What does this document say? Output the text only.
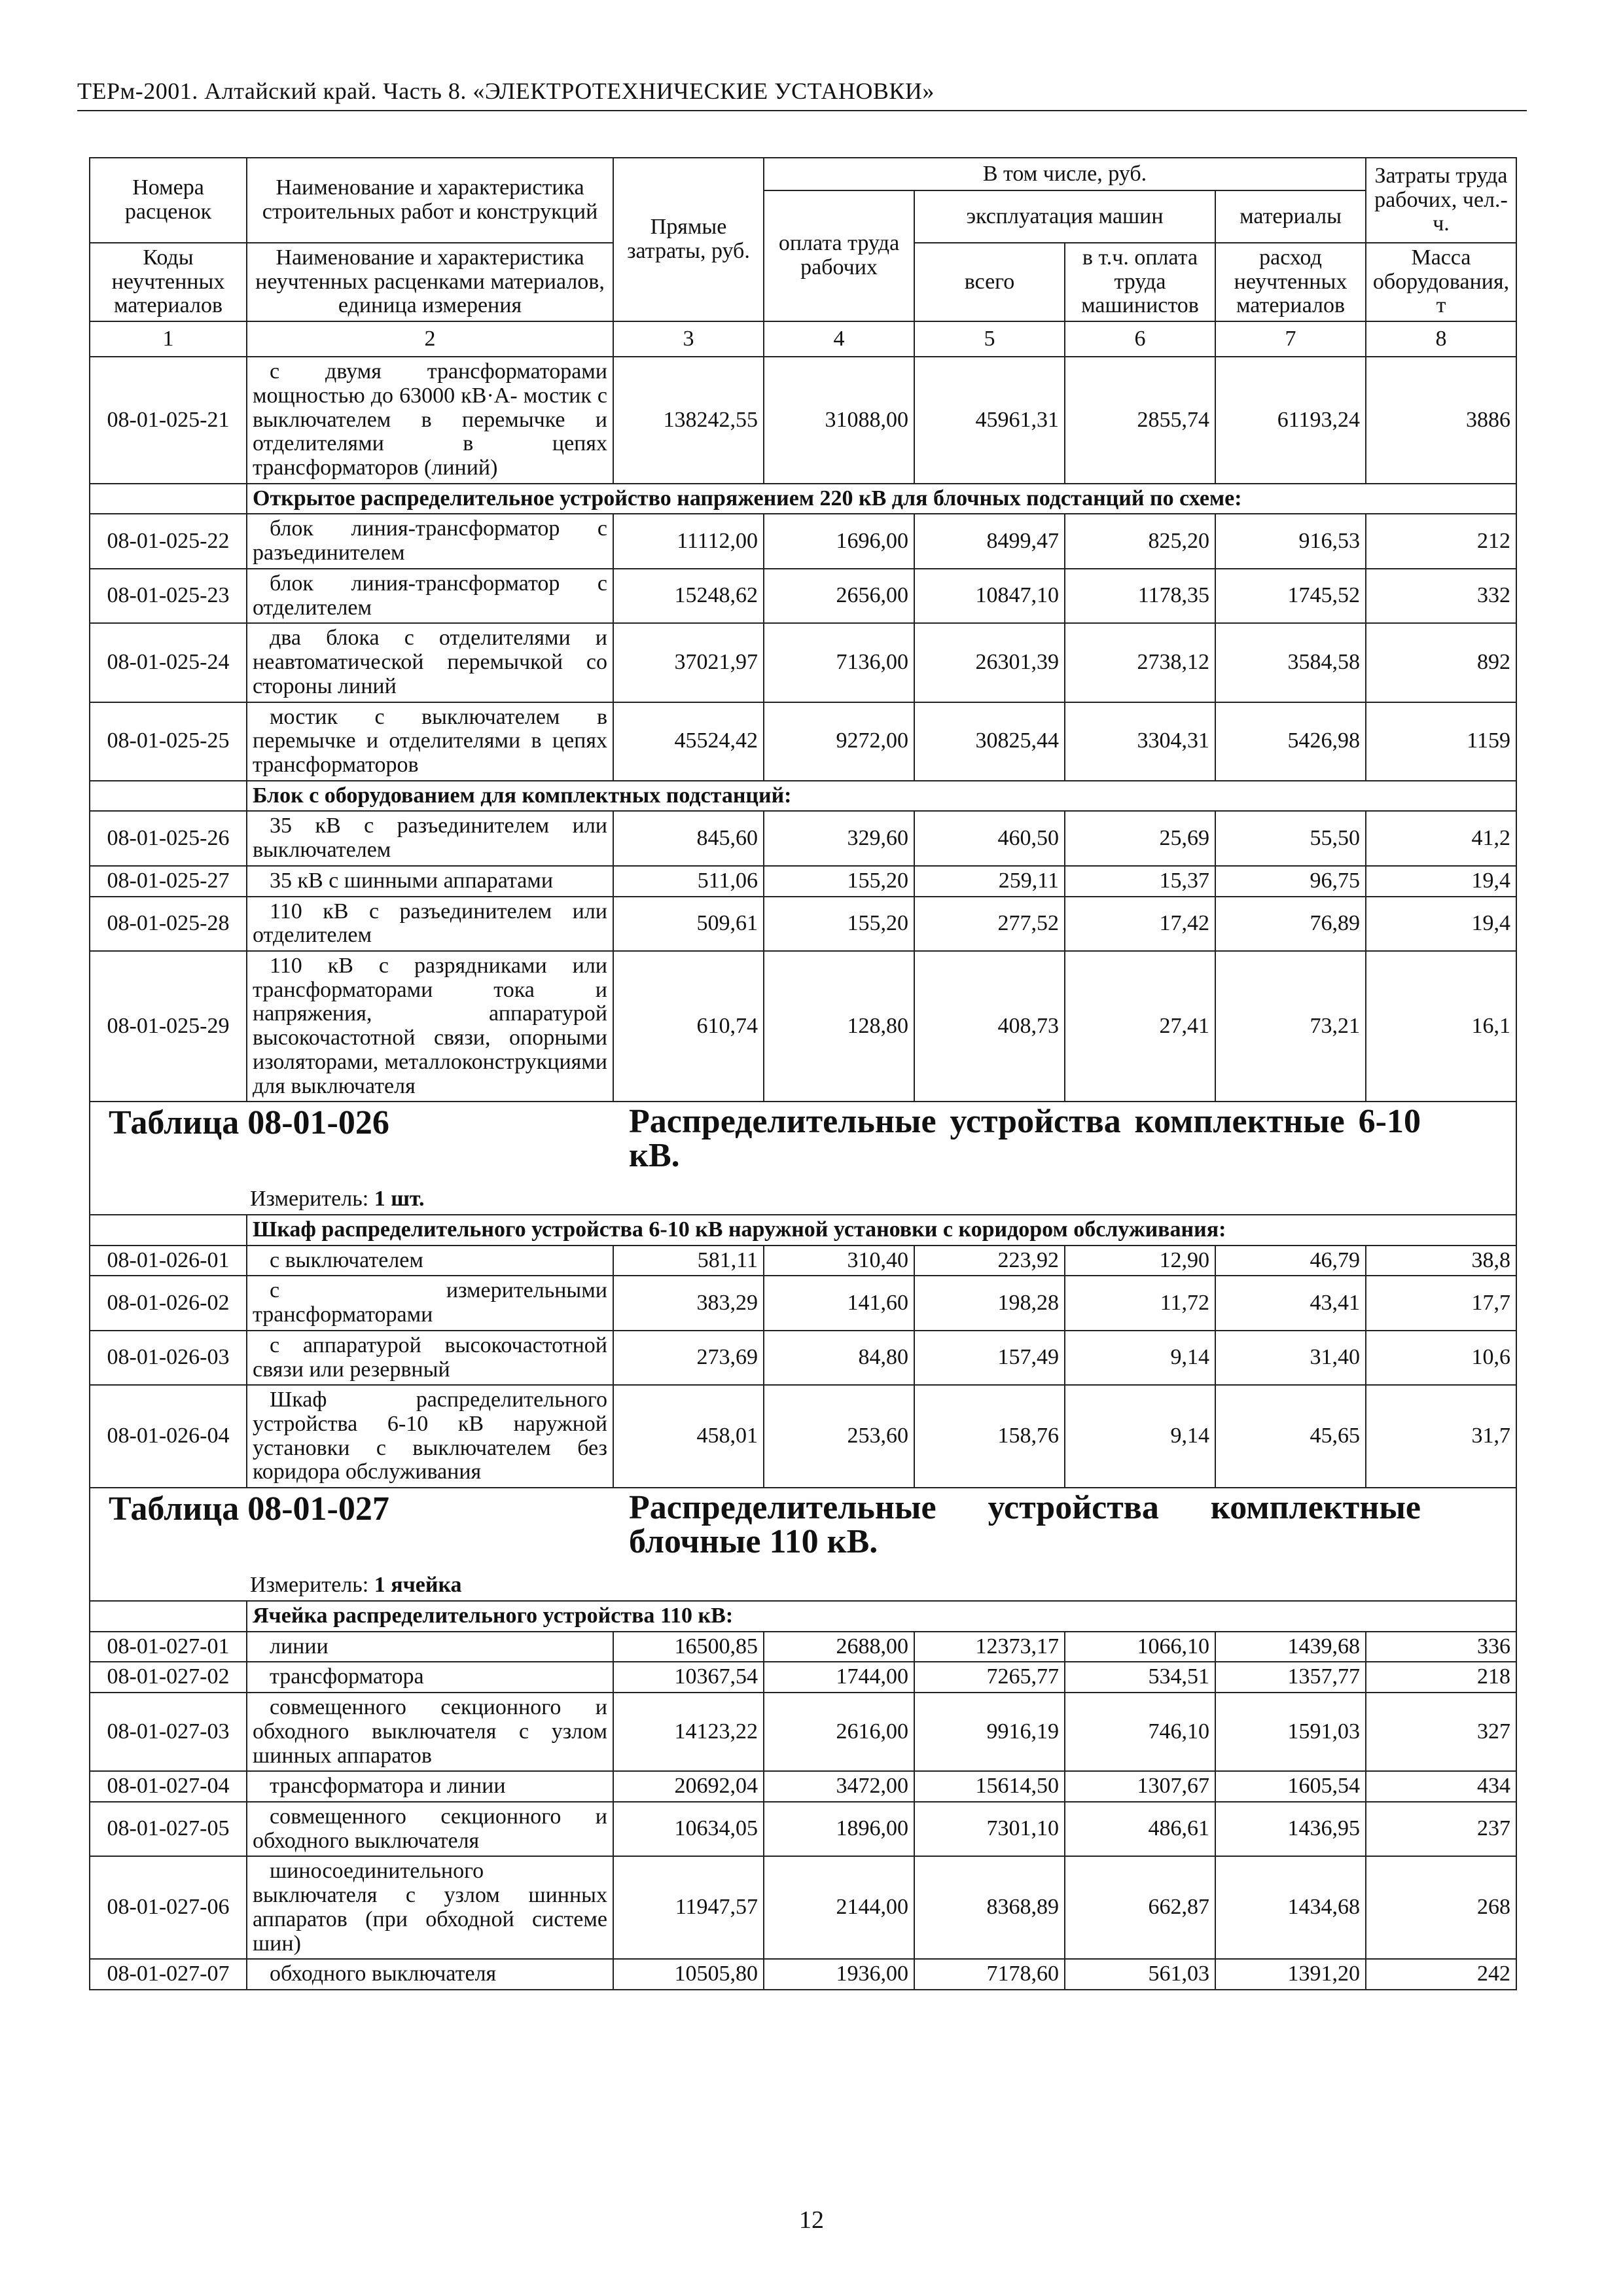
ТЕРм-2001. Алтайский край. Часть 8. «ЭЛЕКТРОТЕХНИЧЕСКИЕ УСТАНОВКИ»
Номера расценок	Наименование и характеристика строительных работ и конструкций	Прямые затраты, руб.	В том числе, руб.				Затраты труда рабочих, чел.-ч.
			оплата труда рабочих	эксплуатация машин		материалы	
Коды неучтенных материалов	Наименование и характеристика неучтенных расценками материалов, единица измерения			всего	в т.ч. оплата труда машинистов	расход неучтенных материалов	Масса оборудования, т
1	2	3	4	5	6	7	8
08-01-025-21	с двумя трансформаторами мощностью до 63000 кВ·А- мостик с выключателем в перемычке и отделителями в цепях трансформаторов (линий)	138242,55	31088,00	45961,31	2855,74	61193,24	3886
	Открытое распределительное устройство напряжением 220 кВ для блочных подстанций по схеме:						
08-01-025-22	блок линия-трансформатор с разъединителем	11112,00	1696,00	8499,47	825,20	916,53	212
08-01-025-23	блок линия-трансформатор с отделителем	15248,62	2656,00	10847,10	1178,35	1745,52	332
08-01-025-24	два блока с отделителями и неавтоматической перемычкой со стороны линий	37021,97	7136,00	26301,39	2738,12	3584,58	892
08-01-025-25	мостик с выключателем в перемычке и отделителями в цепях трансформаторов	45524,42	9272,00	30825,44	3304,31	5426,98	1159
	Блок с оборудованием для комплектных подстанций:						
08-01-025-26	35 кВ с разъединителем или выключателем	845,60	329,60	460,50	25,69	55,50	41,2
08-01-025-27	35 кВ с шинными аппаратами	511,06	155,20	259,11	15,37	96,75	19,4
08-01-025-28	110 кВ с разъединителем или отделителем	509,61	155,20	277,52	17,42	76,89	19,4
08-01-025-29	110 кВ с разрядниками или трансформаторами тока и напряжения, аппаратурой высокочастотной связи, опорными изоляторами, металлоконструкциями для выключателя	610,74	128,80	408,73	27,41	73,21	16,1

Таблица 08-01-026 Распределительные устройства комплектные 6-10 кВ.
Измеритель: 1 шт.							

	Шкаф распределительного устройства 6-10 кВ наружной установки с коридором обслуживания:						
08-01-026-01	с выключателем	581,11	310,40	223,92	12,90	46,79	38,8
08-01-026-02	с измерительными трансформаторами	383,29	141,60	198,28	11,72	43,41	17,7
08-01-026-03	с аппаратурой высокочастотной связи или резервный	273,69	84,80	157,49	9,14	31,40	10,6
08-01-026-04	Шкаф распределительного устройства 6-10 кВ наружной установки с выключателем без коридора обслуживания	458,01	253,60	158,76	9,14	45,65	31,7

Таблица 08-01-027 Распределительные устройства комплектные блочные 110 кВ.
Измеритель: 1 ячейка							

	Ячейка распределительного устройства 110 кВ:						
08-01-027-01	линии	16500,85	2688,00	12373,17	1066,10	1439,68	336
08-01-027-02	трансформатора	10367,54	1744,00	7265,77	534,51	1357,77	218
08-01-027-03	совмещенного секционного и обходного выключателя с узлом шинных аппаратов	14123,22	2616,00	9916,19	746,10	1591,03	327
08-01-027-04	трансформатора и линии	20692,04	3472,00	15614,50	1307,67	1605,54	434
08-01-027-05	совмещенного секционного и обходного выключателя	10634,05	1896,00	7301,10	486,61	1436,95	237
08-01-027-06	шиносоединительного выключателя с узлом шинных аппаратов (при обходной системе шин)	11947,57	2144,00	8368,89	662,87	1434,68	268
08-01-027-07	обходного выключателя	10505,80	1936,00	7178,60	561,03	1391,20	242
12
